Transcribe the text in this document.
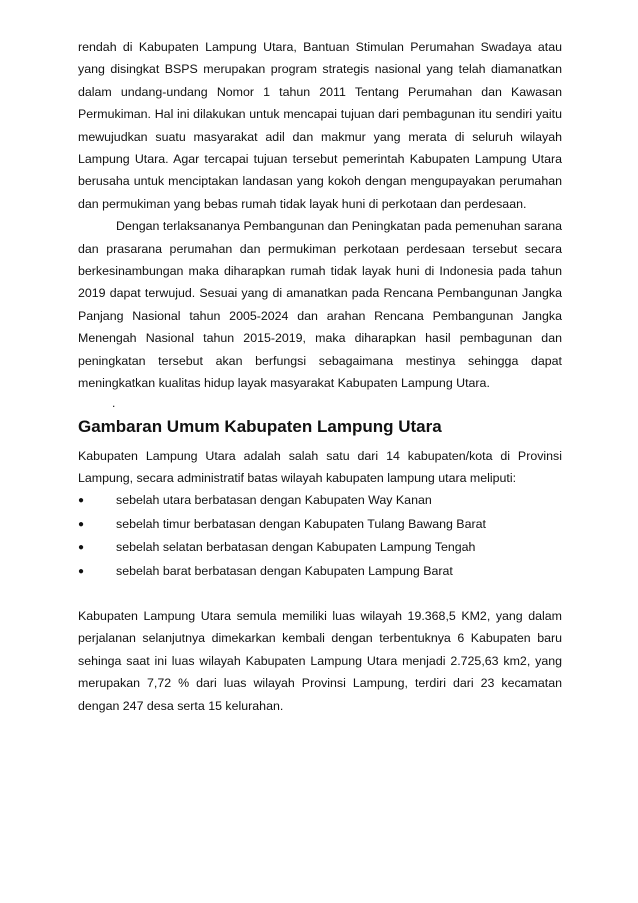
rendah di Kabupaten Lampung Utara, Bantuan Stimulan Perumahan Swadaya atau yang disingkat BSPS merupakan program strategis nasional yang telah diamanatkan dalam undang-undang Nomor 1 tahun 2011 Tentang Perumahan dan Kawasan Permukiman. Hal ini dilakukan untuk mencapai tujuan dari pembagunan itu sendiri yaitu mewujudkan suatu masyarakat adil dan makmur yang merata di seluruh wilayah Lampung Utara. Agar tercapai tujuan tersebut pemerintah Kabupaten Lampung Utara berusaha untuk menciptakan landasan yang kokoh dengan mengupayakan perumahan dan permukiman yang bebas rumah tidak layak huni di perkotaan dan perdesaan.

Dengan terlaksananya Pembangunan dan Peningkatan pada pemenuhan sarana dan prasarana perumahan dan permukiman perkotaan perdesaan tersebut secara berkesinambungan maka diharapkan rumah tidak layak huni di Indonesia pada tahun 2019 dapat terwujud. Sesuai yang di amanatkan pada Rencana Pembangunan Jangka Panjang Nasional tahun 2005-2024 dan arahan Rencana Pembangunan Jangka Menengah Nasional tahun 2015-2019, maka diharapkan hasil pembagunan dan peningkatan tersebut akan berfungsi sebagaimana mestinya sehingga dapat meningkatkan kualitas hidup layak masyarakat Kabupaten Lampung Utara.

.

Gambaran Umum Kabupaten Lampung Utara

Kabupaten Lampung Utara adalah salah satu dari 14 kabupaten/kota di Provinsi Lampung, secara administratif batas wilayah kabupaten lampung utara meliputi:

●	sebelah utara berbatasan dengan Kabupaten Way Kanan
●	sebelah timur berbatasan dengan Kabupaten Tulang Bawang Barat
●	sebelah selatan berbatasan dengan Kabupaten Lampung Tengah
●	sebelah barat berbatasan dengan Kabupaten Lampung Barat

Kabupaten Lampung Utara semula memiliki luas wilayah 19.368,5 KM2, yang dalam perjalanan selanjutnya dimekarkan kembali dengan terbentuknya 6 Kabupaten baru sehinga saat ini luas wilayah Kabupaten Lampung Utara menjadi 2.725,63 km2, yang merupakan 7,72 % dari luas wilayah Provinsi Lampung, terdiri dari 23 kecamatan dengan 247 desa serta 15 kelurahan.
